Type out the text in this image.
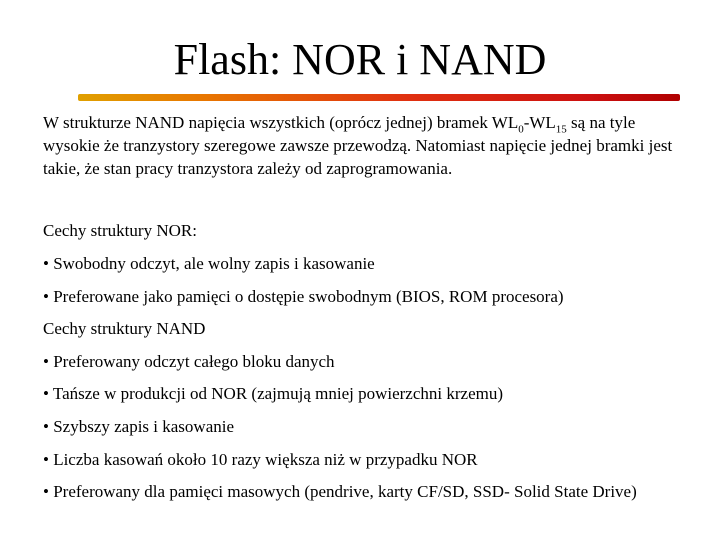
Flash: NOR i NAND
W strukturze NAND napięcia wszystkich (oprócz jednej) bramek $WL_0-WL_{15}$ są na tyle wysokie że tranzystory szeregowe zawsze przewodzą. Natomiast napięcie jednej bramki jest takie, że stan pracy tranzystora zależy od zaprogramowania.
Cechy struktury NOR:
• Swobodny odczyt, ale wolny zapis i kasowanie
• Preferowane jako pamięci o dostępie swobodnym (BIOS, ROM procesora)
Cechy struktury NAND
• Preferowany odczyt całego bloku danych
• Tańsze w produkcji od NOR (zajmują mniej powierzchni krzemu)
• Szybszy zapis i kasowanie
• Liczba kasowań około 10 razy większa niż w przypadku NOR
• Preferowany dla pamięci masowych (pendrive, karty CF/SD, SSD- Solid State Drive)
